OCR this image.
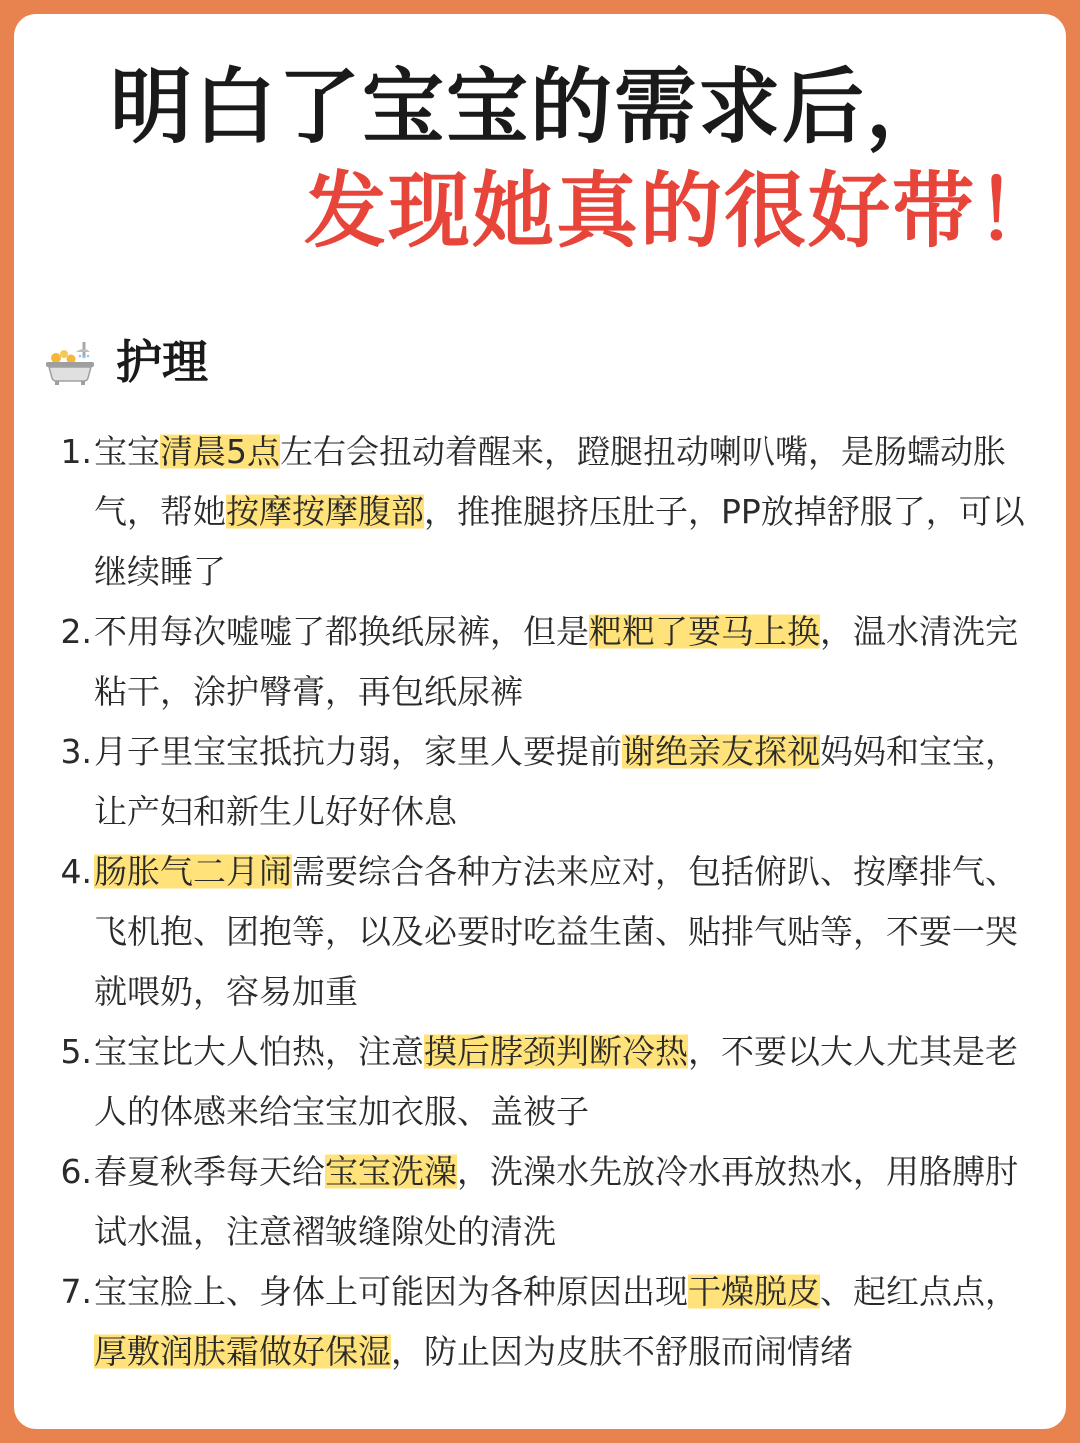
明白了宝宝的需求后，
发现她真的很好带！
护理
1. 宝宝清晨5点左右会扭动着醒来，蹬腿扭动喇叭嘴，是肠蠕动胀气，帮她按摩按摩腹部，推推腿挤压肚子，PP放掉舒服了，可以继续睡了
2. 不用每次嘘嘘了都换纸尿裤，但是粑粑了要马上换，温水清洗完粘干，涂护臀膏，再包纸尿裤
3. 月子里宝宝抵抗力弱，家里人要提前谢绝亲友探视妈妈和宝宝，让产妇和新生儿好好休息
4. 肠胀气二月闹需要综合各种方法来应对，包括俯趴、按摩排气、飞机抱、团抱等，以及必要时吃益生菌、贴排气贴等，不要一哭就喂奶，容易加重
5. 宝宝比大人怕热，注意摸后脖颈判断冷热，不要以大人尤其是老人的体感来给宝宝加衣服、盖被子
6. 春夏秋季每天给宝宝洗澡，洗澡水先放冷水再放热水，用胳膊肘试水温，注意褶皱缝隙处的清洗
7. 宝宝脸上、身体上可能因为各种原因出现干燥脱皮、起红点点，厚敷润肤霜做好保湿，防止因为皮肤不舒服而闹情绪
